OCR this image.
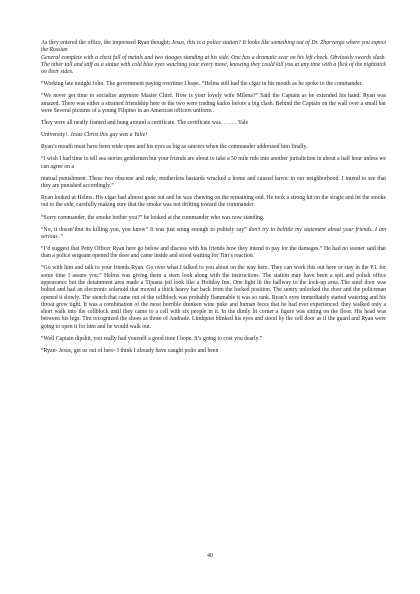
As they entered the office, the impressed Ryan thought; Jesus, this is a police station? It looks like something out of Dr. Zharvargo where you expect the Russian

General complete with a chest full of metals and two stooges standing at his side. One has a dramatic scar on his left cheek. Obviously swords slash. The other tall and stiff as a statue with cold blue eyes watching your every move, knowing they could kill you at any time with a flick of the nightstick on their sides.

“Working late tonight John. The government paying overtime I hope. “Helms still had the cigar in his mouth as he spoke to the commander.

“We never get time to socialize anymore Master Chief. How is your lovely wife Milena?” Said the Captain as he extended his hand. Ryan was amazed. There was either a strained friendship here or the two were trading kudos before a big clash. Behind the Captain on the wall over a small bar were Several pictures of a young Filipino in an American officers uniform .

They were all neatly framed and hung around a certificate. The certificate was. . . . . . Yale

University!. Jesus Christ this guy was a Yalie!

Ryan’s mouth must have been wide open and his eyes as big as saucers when the commander addressed him finally.

“I wish I had time to tell sea stories gentlemen but your friends are about to take a 50 mile ride into another jurisdiction in about a half hour unless we can agree on a

mutual punishment. These two obscene and rude, motherless bastards wracked a home and caused havoc in our neighborhood. I intend to see that they are punished accordingly.”

Ryan looked at Helms. His cigar had almost gone out and he was chewing on the remaining end. He took a strong hit on the stogie and let the smoke out to the side, carefully making sure that the smoke was not drifting toward the commander.

“Sorry commander, the smoke bother you?” he looked at the commander who was now standing.

“No, it doesn’tbut its killing you, you know” It was just smug enough to politely say” don’t try to belittle my statement about your friends. I am serious. “

“I’d suggest that Petty Officer Ryan here go below and discuss with his friends how they intend to pay for the damages.” He had no sooner said that than a police sergeant opened the door and came inside and stood waiting for Tim’s reaction.

“Go with him and talk to your friends Ryan. Go over what I talked to you about on the way here. They can work this out here or stay in the P.I. for some time I assure you.” Helms was giving them a stern look along with the instructions. The station may have been a spit and polish office appearance but the detainment area made a Tijuana jail look like a Holiday Inn. One light lit the hallway to the lock-up area. The steel door was bolted and had an electronic solenoid that moved a thick heavy bar back from the locked position. The sentry unlocked the door and the policeman opened it slowly. The stench that came out of the cellblock was probably flammable it was so rank. Ryan’s eyes immediately started watering and his throat grew tight. It was a combination of the most horrible drunken wine puke and human feces that he had ever experienced. they walked only a short walk into the cellblock until they came to a cell with six people in it. In the dimly lit corner a figure was sitting on the floor. His head was between his legs. Tim recognized the shoes as those of Andrade. Lindquist blinked his eyes and stood by the cell door as if the guard and Ryan were going to open it for him and he would walk out.

“Well Captain dipshit, you really had yourself a good time I hope. It’s going to cost you dearly.”

“Ryan- Jesus, get us out of here- I think I already have caught polio and been

40
